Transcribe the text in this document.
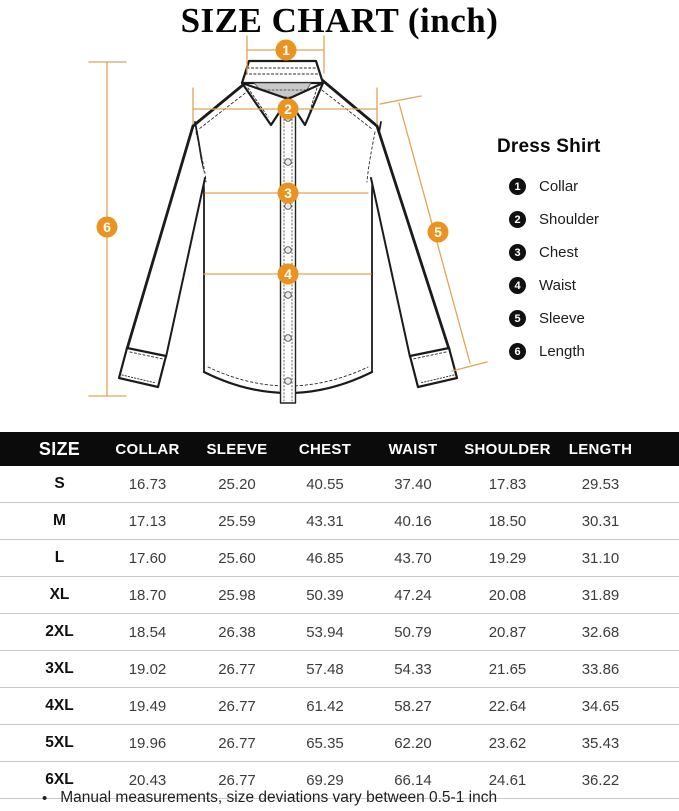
SIZE CHART (inch)
1
2
3
4
5
6
Dress Shirt
1	Collar
2	Shoulder
3	Chest
4	Waist
5	Sleeve
6	Length
SIZE	COLLAR	SLEEVE	CHEST	WAIST	SHOULDER	LENGTH
S	16.73	25.20	40.55	37.40	17.83	29.53
M	17.13	25.59	43.31	40.16	18.50	30.31
L	17.60	25.60	46.85	43.70	19.29	31.10
XL	18.70	25.98	50.39	47.24	20.08	31.89
2XL	18.54	26.38	53.94	50.79	20.87	32.68
3XL	19.02	26.77	57.48	54.33	21.65	33.86
4XL	19.49	26.77	61.42	58.27	22.64	34.65
5XL	19.96	26.77	65.35	62.20	23.62	35.43
6XL	20.43	26.77	69.29	66.14	24.61	36.22
• Manual measurements, size deviations vary between 0.5-1 inch
